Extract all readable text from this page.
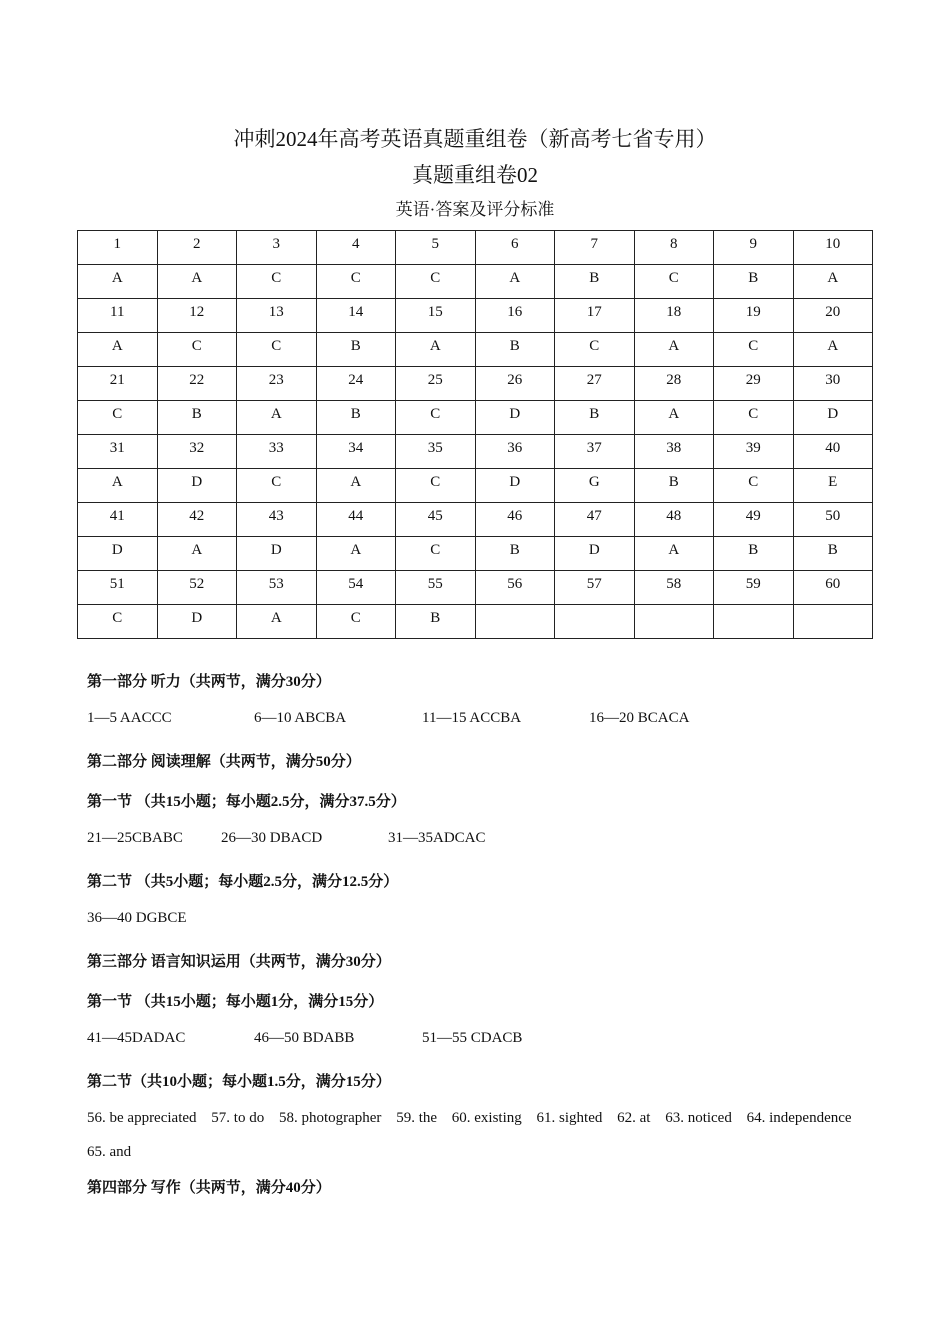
冲刺2024年高考英语真题重组卷（新高考七省专用）
真题重组卷02
英语·答案及评分标准
1	2	3	4	5	6	7	8	9	10
A	A	C	C	C	A	B	C	B	A
11	12	13	14	15	16	17	18	19	20
A	C	C	B	A	B	C	A	C	A
21	22	23	24	25	26	27	28	29	30
C	B	A	B	C	D	B	A	C	D
31	32	33	34	35	36	37	38	39	40
A	D	C	A	C	D	G	B	C	E
41	42	43	44	45	46	47	48	49	50
D	A	D	A	C	B	D	A	B	B
51	52	53	54	55	56	57	58	59	60
C	D	A	C	B					
第一部分 听力（共两节，满分30分）
1—5 AACCC	6—10 ABCBA	11—15 ACCBA	16—20 BCACA
第二部分 阅读理解（共两节，满分50分）
第一节 （共15小题；每小题2.5分，满分37.5分）
21—25CBABC	26—30 DBACD	31—35ADCAC
第二节 （共5小题；每小题2.5分，满分12.5分）
36—40 DGBCE
第三部分 语言知识运用（共两节，满分30分）
第一节 （共15小题；每小题1分，满分15分）
41—45DADAC	46—50 BDABB	51—55 CDACB
第二节（共10小题；每小题1.5分，满分15分）
56. be appreciated 57. to do 58. photographer 59. the 60. existing 61. sighted 62. at 63. noticed 64. independence 65. and
第四部分 写作（共两节，满分40分）
